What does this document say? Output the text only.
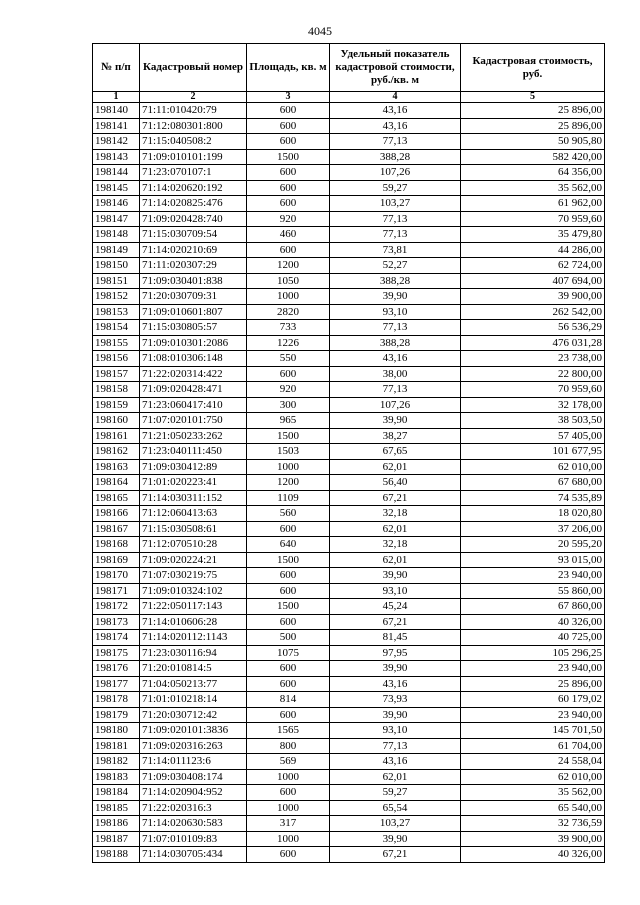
4045
№ п/п	Кадастровый номер	Площадь, кв. м	Удельный показатель кадастровой стоимости, руб./кв. м	Кадастровая стоимость, руб.
1	2	3	4	5
198140	71:11:010420:79	600	43,16	25 896,00
198141	71:12:080301:800	600	43,16	25 896,00
198142	71:15:040508:2	600	77,13	50 905,80
198143	71:09:010101:199	1500	388,28	582 420,00
198144	71:23:070107:1	600	107,26	64 356,00
198145	71:14:020620:192	600	59,27	35 562,00
198146	71:14:020825:476	600	103,27	61 962,00
198147	71:09:020428:740	920	77,13	70 959,60
198148	71:15:030709:54	460	77,13	35 479,80
198149	71:14:020210:69	600	73,81	44 286,00
198150	71:11:020307:29	1200	52,27	62 724,00
198151	71:09:030401:838	1050	388,28	407 694,00
198152	71:20:030709:31	1000	39,90	39 900,00
198153	71:09:010601:807	2820	93,10	262 542,00
198154	71:15:030805:57	733	77,13	56 536,29
198155	71:09:010301:2086	1226	388,28	476 031,28
198156	71:08:010306:148	550	43,16	23 738,00
198157	71:22:020314:422	600	38,00	22 800,00
198158	71:09:020428:471	920	77,13	70 959,60
198159	71:23:060417:410	300	107,26	32 178,00
198160	71:07:020101:750	965	39,90	38 503,50
198161	71:21:050233:262	1500	38,27	57 405,00
198162	71:23:040111:450	1503	67,65	101 677,95
198163	71:09:030412:89	1000	62,01	62 010,00
198164	71:01:020223:41	1200	56,40	67 680,00
198165	71:14:030311:152	1109	67,21	74 535,89
198166	71:12:060413:63	560	32,18	18 020,80
198167	71:15:030508:61	600	62,01	37 206,00
198168	71:12:070510:28	640	32,18	20 595,20
198169	71:09:020224:21	1500	62,01	93 015,00
198170	71:07:030219:75	600	39,90	23 940,00
198171	71:09:010324:102	600	93,10	55 860,00
198172	71:22:050117:143	1500	45,24	67 860,00
198173	71:14:010606:28	600	67,21	40 326,00
198174	71:14:020112:1143	500	81,45	40 725,00
198175	71:23:030116:94	1075	97,95	105 296,25
198176	71:20:010814:5	600	39,90	23 940,00
198177	71:04:050213:77	600	43,16	25 896,00
198178	71:01:010218:14	814	73,93	60 179,02
198179	71:20:030712:42	600	39,90	23 940,00
198180	71:09:020101:3836	1565	93,10	145 701,50
198181	71:09:020316:263	800	77,13	61 704,00
198182	71:14:011123:6	569	43,16	24 558,04
198183	71:09:030408:174	1000	62,01	62 010,00
198184	71:14:020904:952	600	59,27	35 562,00
198185	71:22:020316:3	1000	65,54	65 540,00
198186	71:14:020630:583	317	103,27	32 736,59
198187	71:07:010109:83	1000	39,90	39 900,00
198188	71:14:030705:434	600	67,21	40 326,00
